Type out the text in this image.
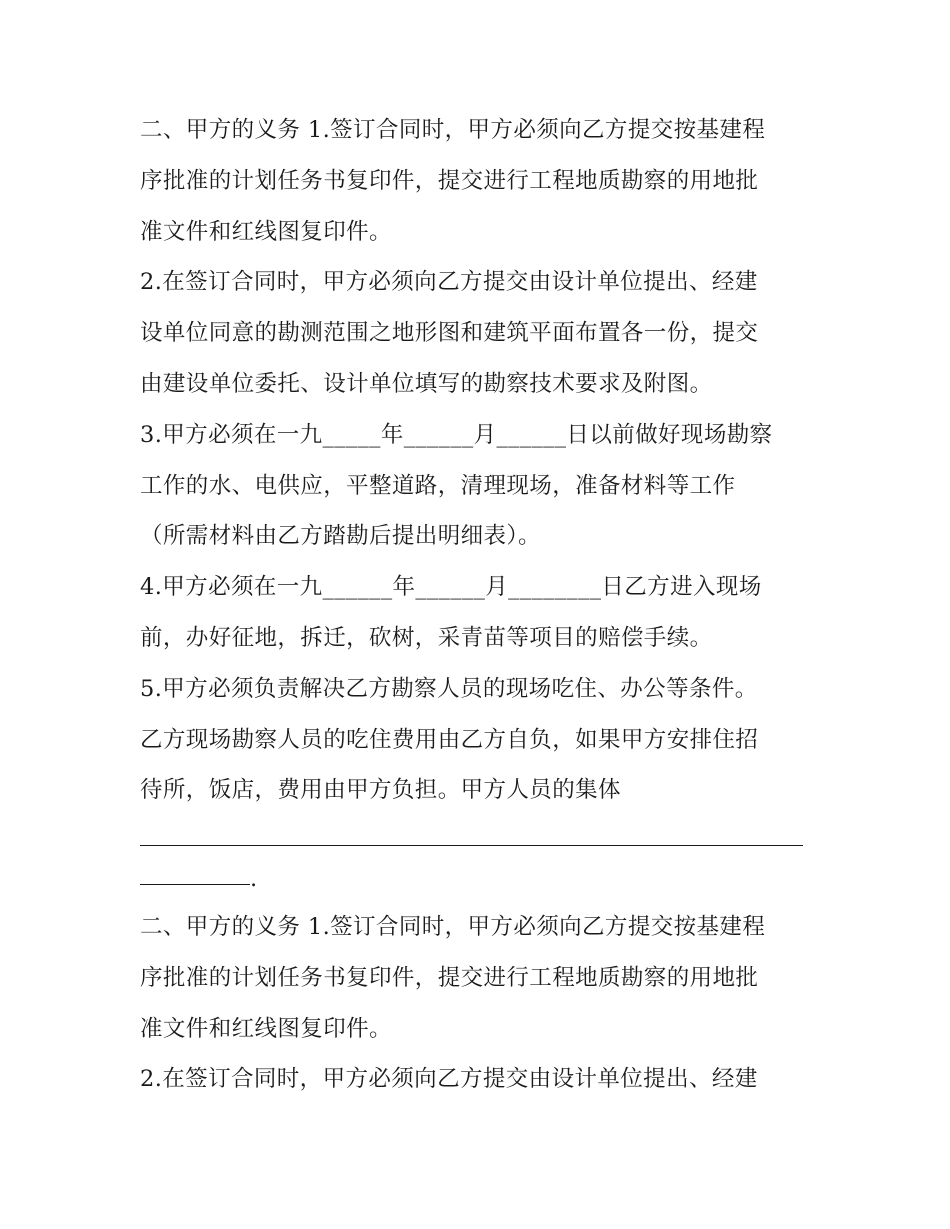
二、甲方的义务 1.签订合同时，甲方必须向乙方提交按基建程
序批准的计划任务书复印件，提交进行工程地质勘察的用地批
准文件和红线图复印件。
2.在签订合同时，甲方必须向乙方提交由设计单位提出、经建
设单位同意的勘测范围之地形图和建筑平面布置各一份，提交
由建设单位委托、设计单位填写的勘察技术要求及附图。
3.甲方必须在一九_____年______月______日以前做好现场勘察
工作的水、电供应，平整道路，清理现场，准备材料等工作
（所需材料由乙方踏勘后提出明细表）。
4.甲方必须在一九______年______月________日乙方进入现场
前，办好征地，拆迁，砍树，采青苗等项目的赔偿手续。
5.甲方必须负责解决乙方勘察人员的现场吃住、办公等条件。
乙方现场勘察人员的吃住费用由乙方自负，如果甲方安排住招
待所，饭店，费用由甲方负担。甲方人员的集体
.
二、甲方的义务 1.签订合同时，甲方必须向乙方提交按基建程
序批准的计划任务书复印件，提交进行工程地质勘察的用地批
准文件和红线图复印件。
2.在签订合同时，甲方必须向乙方提交由设计单位提出、经建
